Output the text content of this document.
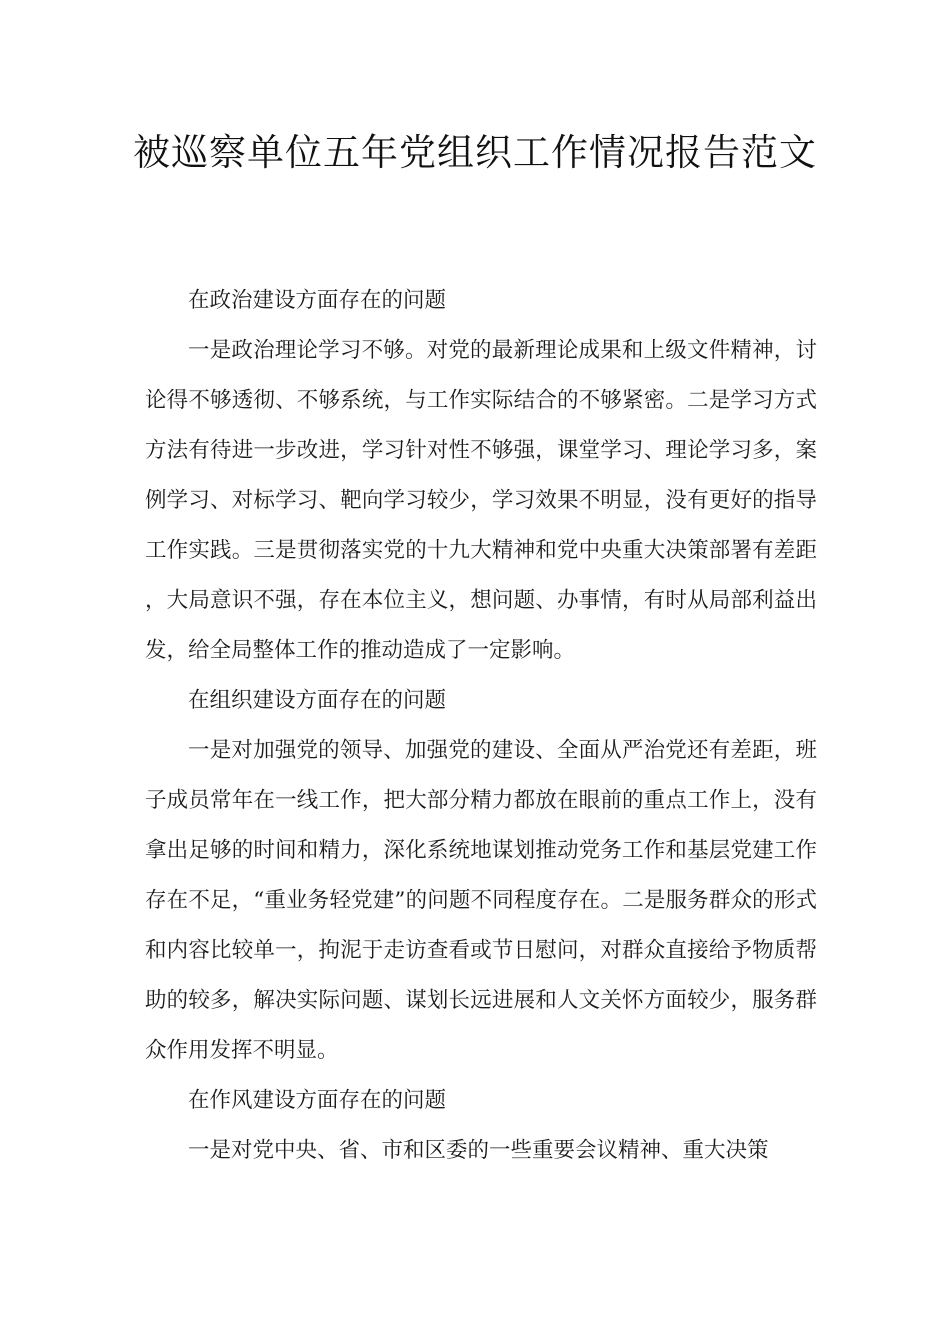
被巡察单位五年党组织工作情况报告范文

在政治建设方面存在的问题

一是政治理论学习不够。对党的最新理论成果和上级文件精神，讨论得不够透彻、不够系统，与工作实际结合的不够紧密。二是学习方式方法有待进一步改进，学习针对性不够强，课堂学习、理论学习多，案例学习、对标学习、靶向学习较少，学习效果不明显，没有更好的指导工作实践。三是贯彻落实党的十九大精神和党中央重大决策部署有差距，大局意识不强，存在本位主义，想问题、办事情，有时从局部利益出发，给全局整体工作的推动造成了一定影响。

在组织建设方面存在的问题

一是对加强党的领导、加强党的建设、全面从严治党还有差距，班子成员常年在一线工作，把大部分精力都放在眼前的重点工作上，没有拿出足够的时间和精力，深化系统地谋划推动党务工作和基层党建工作存在不足，“重业务轻党建”的问题不同程度存在。二是服务群众的形式和内容比较单一，拘泥于走访查看或节日慰问，对群众直接给予物质帮助的较多，解决实际问题、谋划长远进展和人文关怀方面较少，服务群众作用发挥不明显。

在作风建设方面存在的问题

一是对党中央、省、市和区委的一些重要会议精神、重大决策
